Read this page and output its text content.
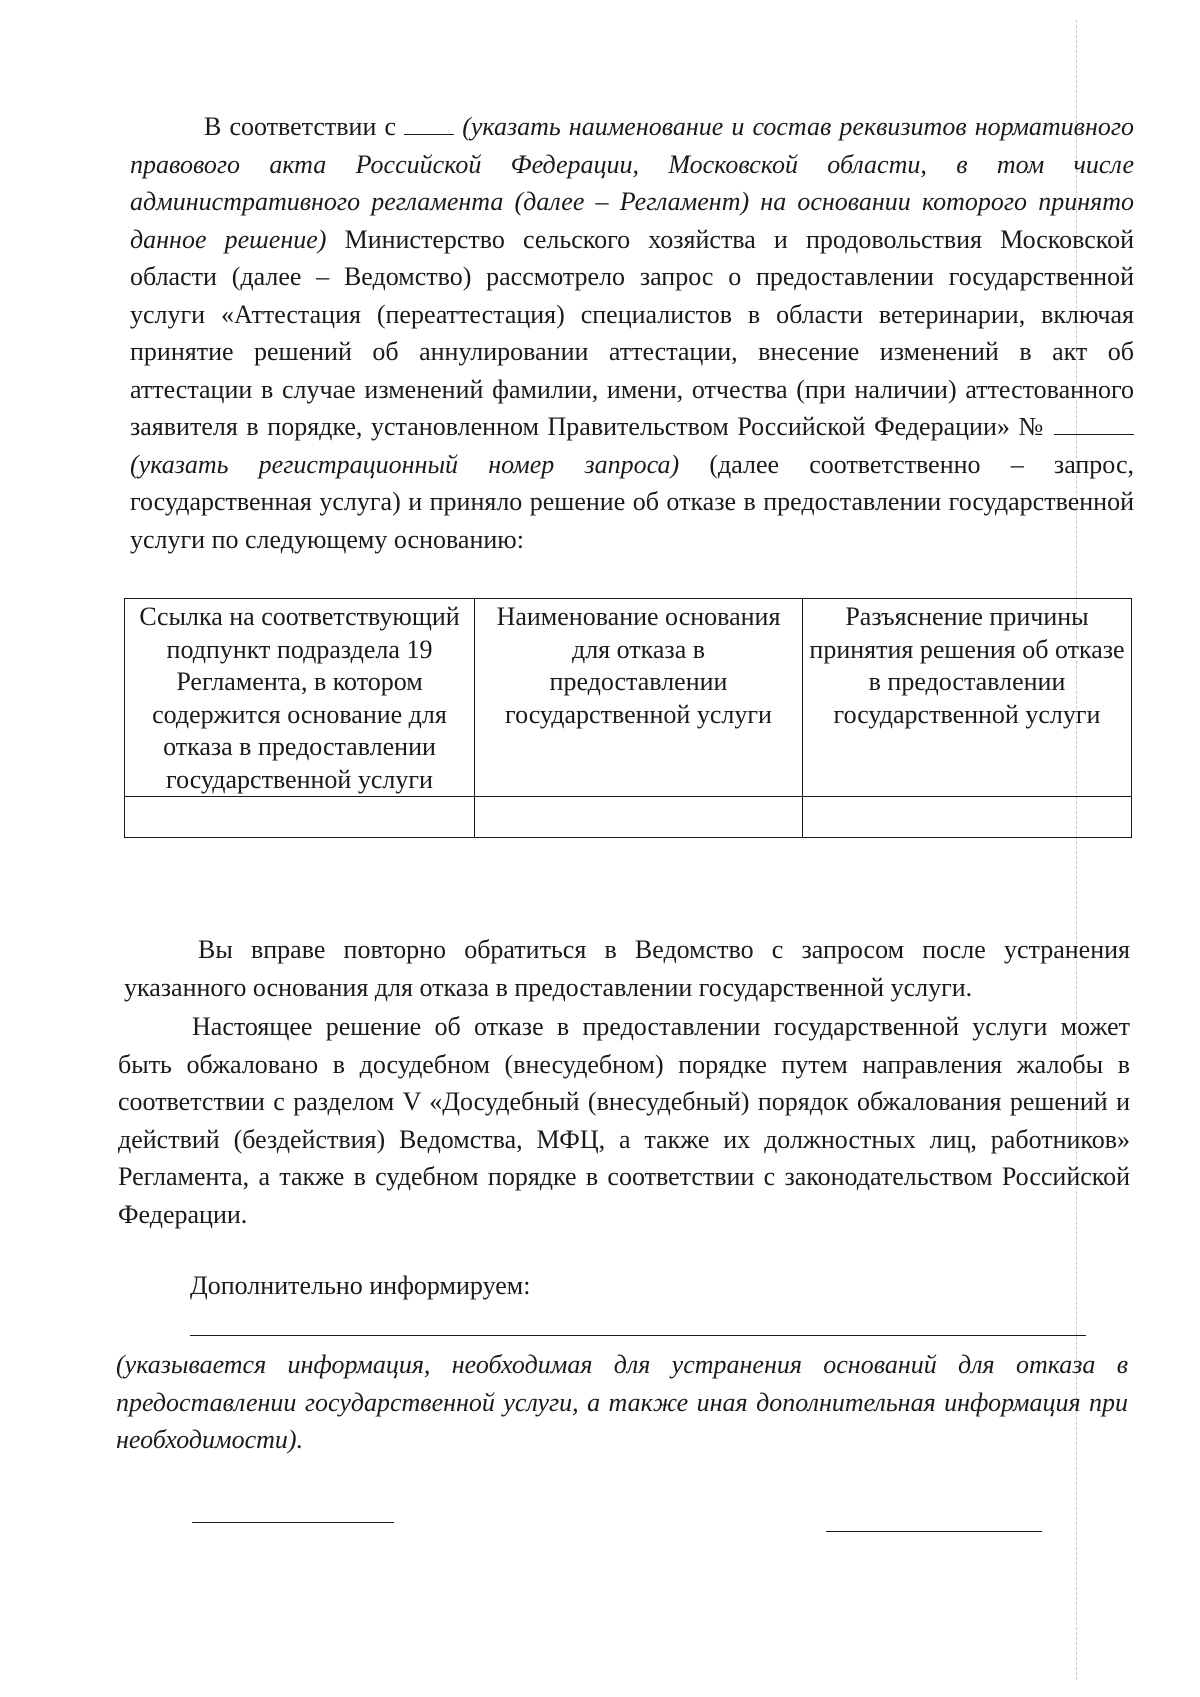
В соответствии с  (указать наименование и состав реквизитов нормативного правового акта Российской Федерации, Московской области, в том числе административного регламента (далее – Регламент) на основании которого принято данное решение) Министерство сельского хозяйства и продовольствия Московской области (далее – Ведомство) рассмотрело запрос о предоставлении государственной услуги «Аттестация (переаттестация) специалистов в области ветеринарии, включая принятие решений об аннулировании аттестации, внесение изменений в акт об аттестации в случае изменений фамилии, имени, отчества (при наличии) аттестованного заявителя в порядке, установленном Правительством Российской Федерации» №  (указать регистрационный номер запроса) (далее соответственно – запрос, государственная услуга) и приняло решение об отказе в предоставлении государственной услуги по следующему основанию:

Ссылка на соответствующий подпункт подраздела 19 Регламента, в котором содержится основание для отказа в предоставлении государственной услуги	Наименование основания для отказа в предоставлении государственной услуги	Разъяснение причины принятия решения об отказе в предоставлении государственной услуги

Вы вправе повторно обратиться в Ведомство с запросом после устранения указанного основания для отказа в предоставлении государственной услуги.

Настоящее решение об отказе в предоставлении государственной услуги может быть обжаловано в досудебном (внесудебном) порядке путем направления жалобы в соответствии с разделом V «Досудебный (внесудебный) порядок обжалования решений и действий (бездействия) Ведомства, МФЦ, а также их должностных лиц, работников» Регламента, а также в судебном порядке в соответствии с законодательством Российской Федерации.

Дополнительно информируем:

(указывается информация, необходимая для устранения оснований для отказа в предоставлении государственной услуги, а также иная дополнительная информация при необходимости).
